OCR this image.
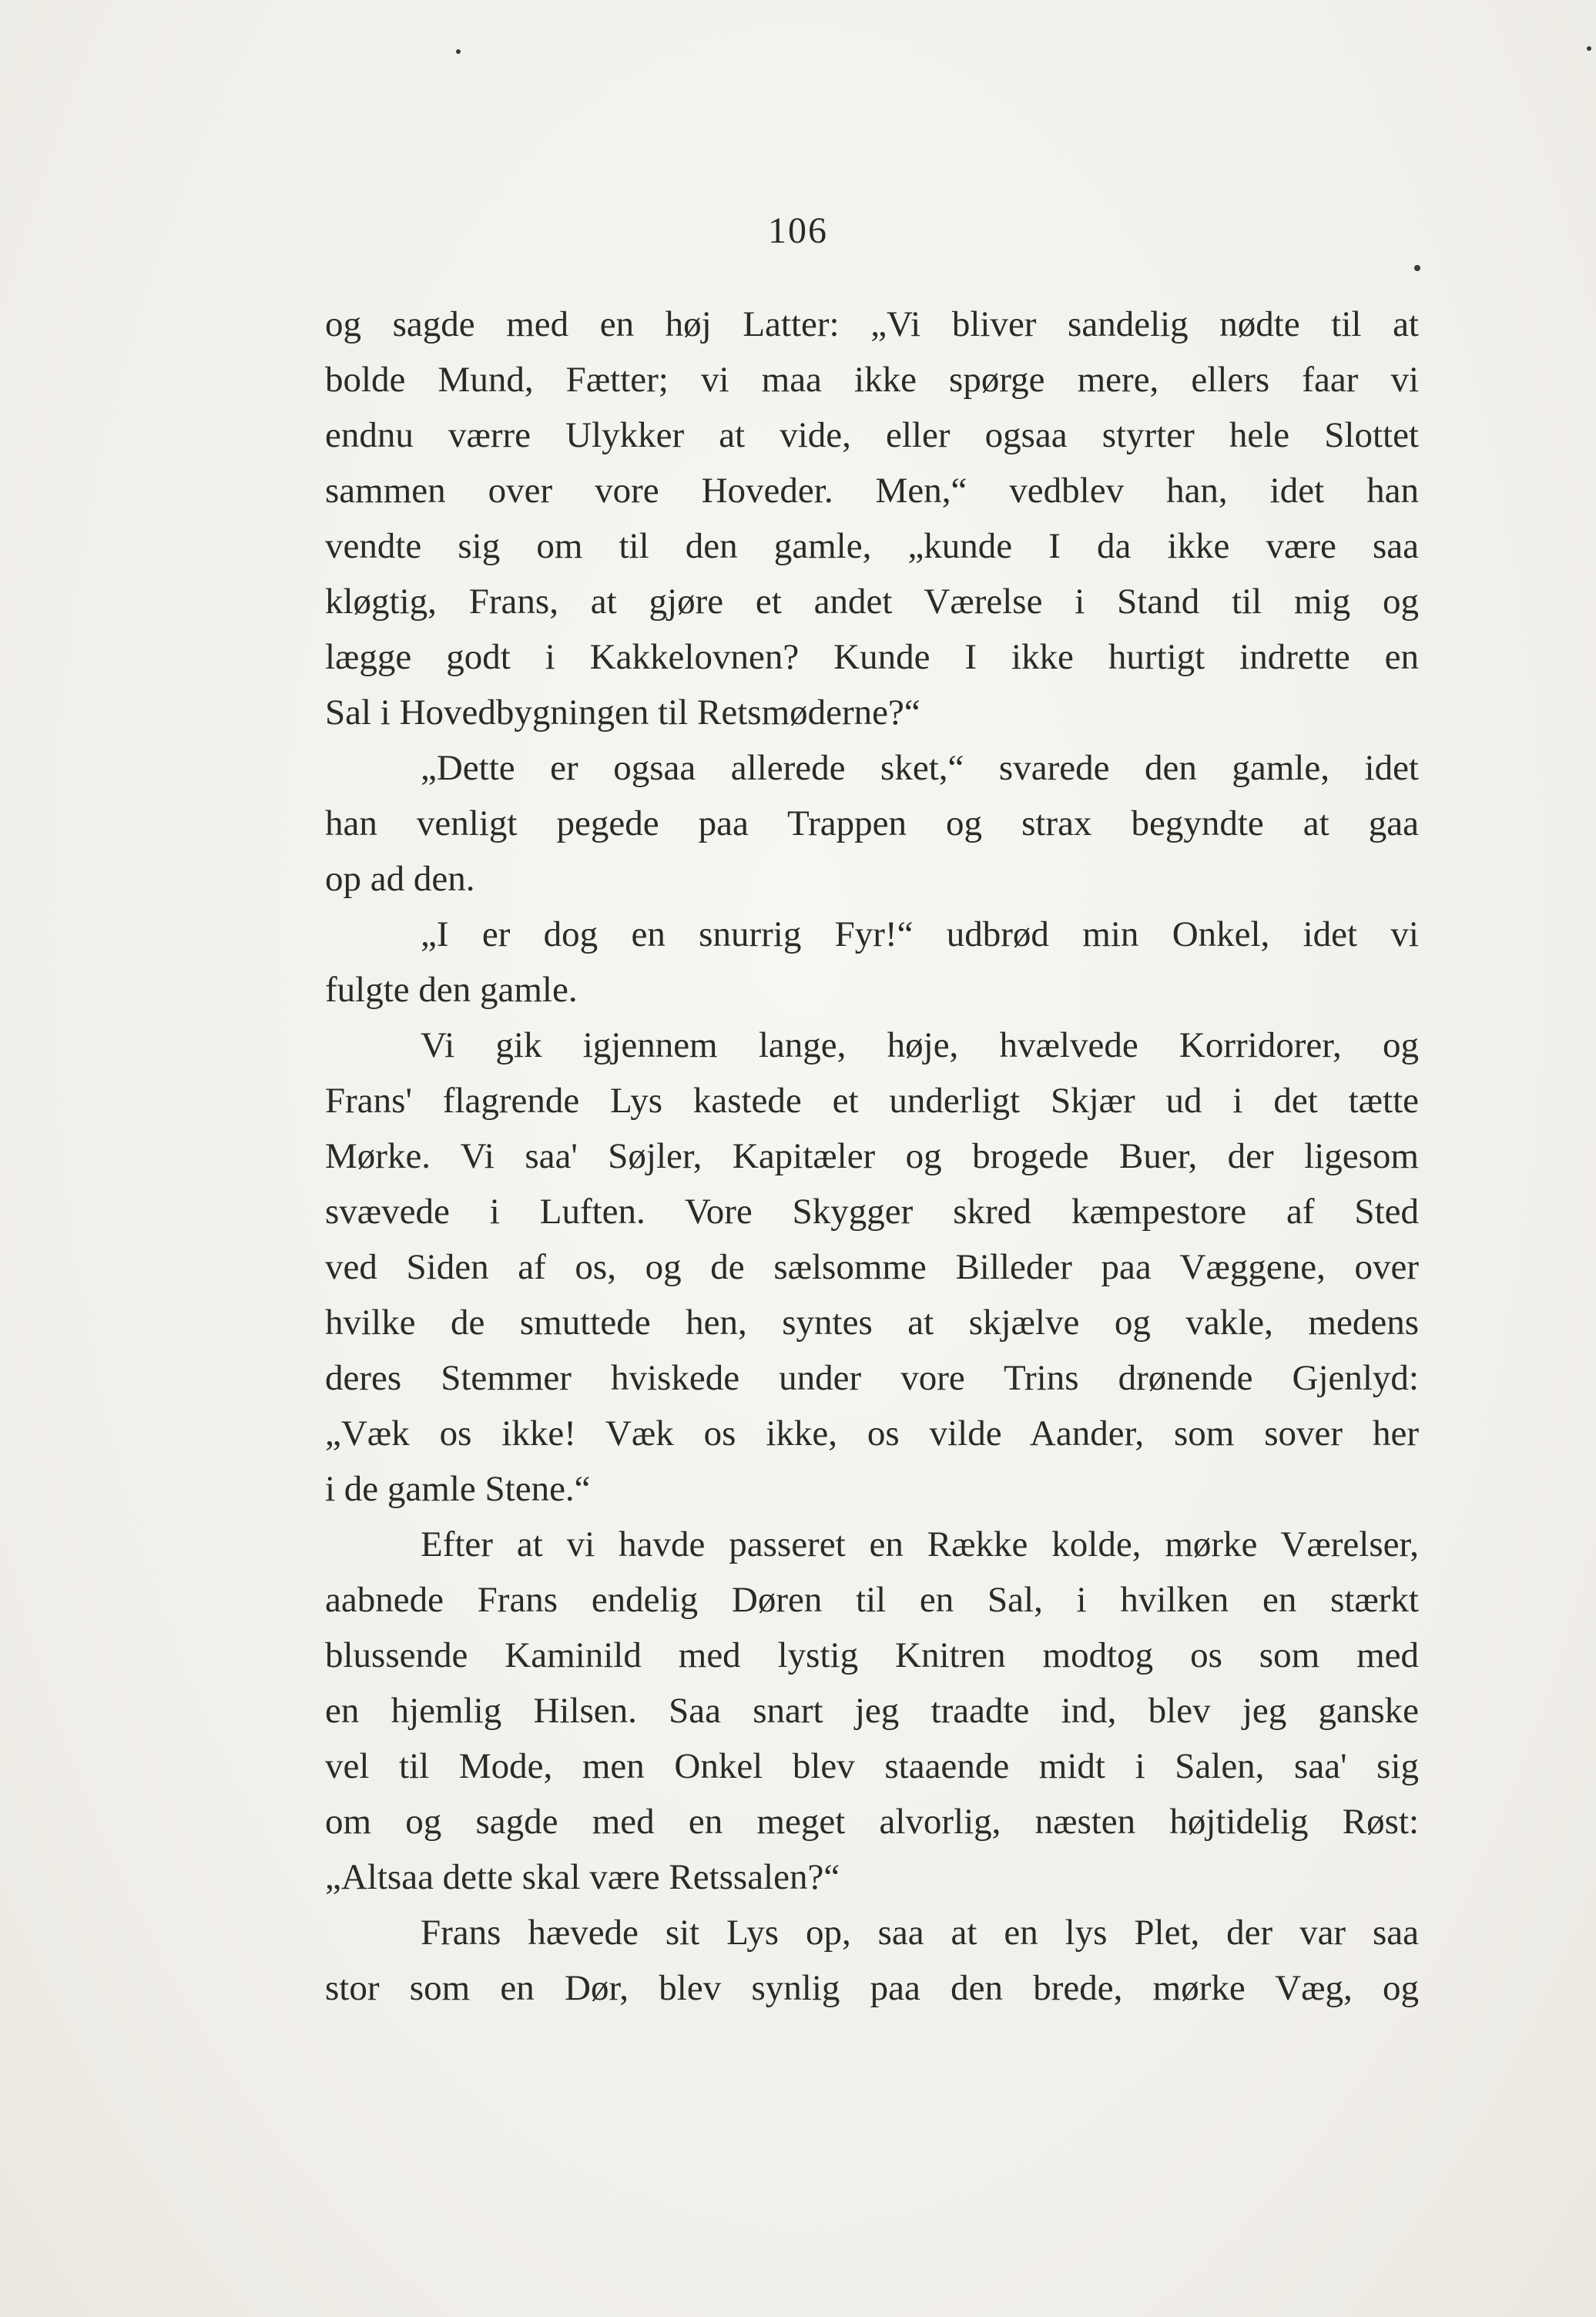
106
og sagde med en høj Latter: „Vi bliver sandelig nødte til at
bolde Mund, Fætter; vi maa ikke spørge mere, ellers faar vi
endnu værre Ulykker at vide, eller ogsaa styrter hele Slottet
sammen over vore Hoveder. Men,“ vedblev han, idet han
vendte sig om til den gamle, „kunde I da ikke være saa
kløgtig, Frans, at gjøre et andet Værelse i Stand til mig og
lægge godt i Kakkelovnen? Kunde I ikke hurtigt indrette en
Sal i Hovedbygningen til Retsmøderne?“
„Dette er ogsaa allerede sket,“ svarede den gamle, idet
han venligt pegede paa Trappen og strax begyndte at gaa
op ad den.
„I er dog en snurrig Fyr!“ udbrød min Onkel, idet vi
fulgte den gamle.
Vi gik igjennem lange, høje, hvælvede Korridorer, og
Frans' flagrende Lys kastede et underligt Skjær ud i det tætte
Mørke. Vi saa' Søjler, Kapitæler og brogede Buer, der ligesom
svævede i Luften. Vore Skygger skred kæmpestore af Sted
ved Siden af os, og de sælsomme Billeder paa Væggene, over
hvilke de smuttede hen, syntes at skjælve og vakle, medens
deres Stemmer hviskede under vore Trins drønende Gjenlyd:
„Væk os ikke! Væk os ikke, os vilde Aander, som sover her
i de gamle Stene.“
Efter at vi havde passeret en Række kolde, mørke Værelser,
aabnede Frans endelig Døren til en Sal, i hvilken en stærkt
blussende Kaminild med lystig Knitren modtog os som med
en hjemlig Hilsen. Saa snart jeg traadte ind, blev jeg ganske
vel til Mode, men Onkel blev staaende midt i Salen, saa' sig
om og sagde med en meget alvorlig, næsten højtidelig Røst:
„Altsaa dette skal være Retssalen?“
Frans hævede sit Lys op, saa at en lys Plet, der var saa
stor som en Dør, blev synlig paa den brede, mørke Væg, og
